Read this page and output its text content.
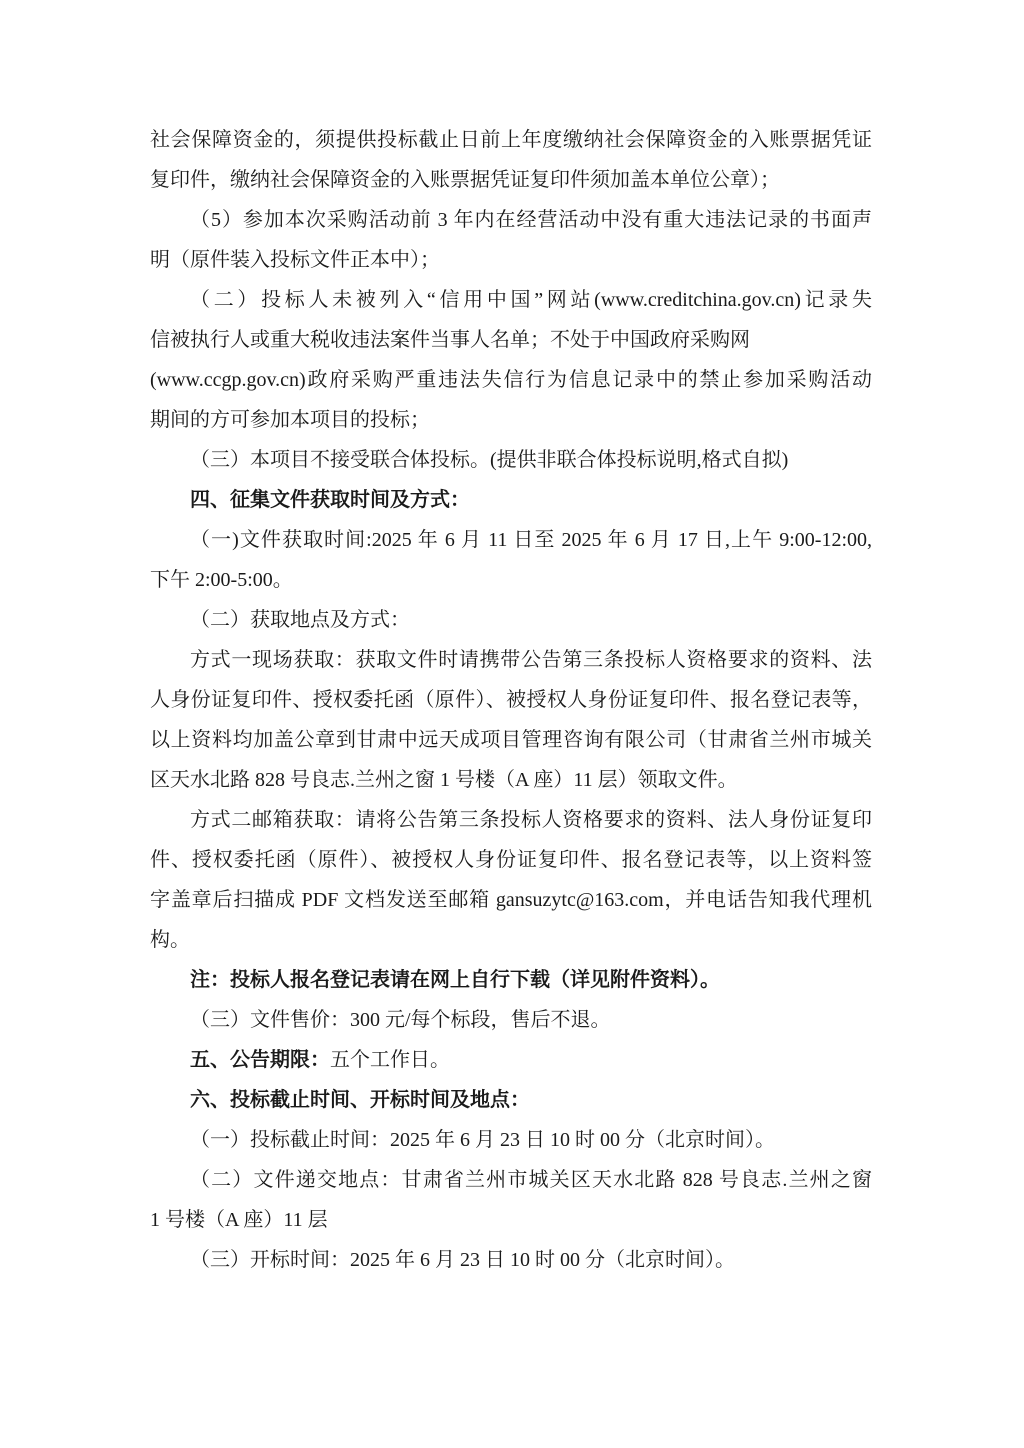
社会保障资金的，须提供投标截止日前上年度缴纳社会保障资金的入账票据凭证
复印件，缴纳社会保障资金的入账票据凭证复印件须加盖本单位公章）；
（5）参加本次采购活动前 3 年内在经营活动中没有重大违法记录的书面声
明（原件装入投标文件正本中）；
（二）投标人未被列入“信用中国”网站(www.creditchina.gov.cn)记录失
信被执行人或重大税收违法案件当事人名单；不处于中国政府采购网
(www.ccgp.gov.cn)政府采购严重违法失信行为信息记录中的禁止参加采购活动
期间的方可参加本项目的投标；
（三）本项目不接受联合体投标。(提供非联合体投标说明,格式自拟)
四、征集文件获取时间及方式：
（一)文件获取时间:2025 年 6 月 11 日至 2025 年 6 月 17 日,上午 9:00-12:00,
下午 2:00-5:00。
（二）获取地点及方式：
方式一现场获取：获取文件时请携带公告第三条投标人资格要求的资料、法
人身份证复印件、授权委托函（原件）、被授权人身份证复印件、报名登记表等，
以上资料均加盖公章到甘肃中远天成项目管理咨询有限公司（甘肃省兰州市城关
区天水北路 828 号良志.兰州之窗 1 号楼（A 座）11 层）领取文件。
方式二邮箱获取：请将公告第三条投标人资格要求的资料、法人身份证复印
件、授权委托函（原件）、被授权人身份证复印件、报名登记表等，以上资料签
字盖章后扫描成 PDF 文档发送至邮箱 gansuzytc@163.com，并电话告知我代理机
构。
注：投标人报名登记表请在网上自行下载（详见附件资料）。
（三）文件售价：300 元/每个标段，售后不退。
五、公告期限：五个工作日。
六、投标截止时间、开标时间及地点：
（一）投标截止时间：2025 年 6 月 23 日 10 时 00 分（北京时间）。
（二）文件递交地点：甘肃省兰州市城关区天水北路 828 号良志.兰州之窗
1 号楼（A 座）11 层
（三）开标时间：2025 年 6 月 23 日 10 时 00 分（北京时间）。
